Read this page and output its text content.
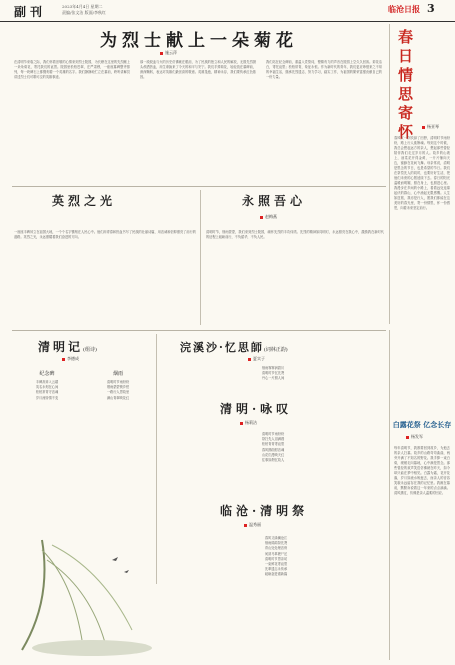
副刊	2023年4月4日 星期二
责编/张文洁 版面/李秋红	临沧日报 3
为烈士献上一朵菊花
施云萍
在清明节来临之际，我们怀着崇敬的心情来到烈士陵园，为长眠在这里的先烈献上一朵朵菊花，寄托我们的哀思。陵园里松柏苍翠，庄严肃穆，一座座墓碑整齐排列，每一块碑石上都镌刻着一个英雄的名字。我们静静地伫立在墓前，聆听讲解员讲述烈士们可歌可泣的英雄事迹。
那一段段血与火的历史仿佛就在眼前，为了民族的独立和人民的解放，无数先烈抛头颅洒热血，用生命换来了今天的和平与安宁。我们手捧菊花，轻轻放在墓碑前，深深鞠躬，表达对英雄们最崇高的敬意。英雄虽逝，精神永存，我们要传承红色基因。
我们站在纪念碑前，重温入党誓词，铿锵有力的声音在陵园上空久久回荡。菊花洁白，寄托哀思；松柏常青，象征永恒。作为新时代的青年，我们更应珍惜来之不易的幸福生活，继承先烈遗志，努力学习，踏实工作，为祖国的繁荣富强贡献自己的一份力量。
春日情思寄怀	杨亚琴
春风又一次吹绿了田野，清明时节雨纷纷，路上行人欲断魂。每到这个时候，我总会想起远方的亲人，想起那些曾经陪伴我们走过岁月的人。故乡的山坡上，油菜花开得金黄，一片片铺向天边，蜜蜂在花间飞舞。母亲常说，清明是思念的节日，也是希望的节日。我们在祭奠先人的同时，也要好好生活，把他们未竟的心愿延续下去。春日的阳光温暖而明媚，照在身上，也照进心里。我漫步在乡间的小路上，看着远处连绵起伏的群山，心中涌起无限感慨。人生如逆旅，我亦是行人，愿我们都能在这美好的春光里，寄一份情思，怀一份感恩，向着未来坚定前行。
英烈之光
一座座丰碑耸立在祖国大地，一个个名字镌刻在人民心中。他们用青春和热血书写了民族的壮丽诗篇，用忠诚和信仰照亮了前行的道路。英烈之光，永远照耀着我们奋进的方向。
永照吾心
赵梅燕
清明时节，细雨蒙蒙，我们来到烈士陵园，缅怀先烈的丰功伟绩。先烈的精神如同明灯，永远照亮在我心中，激励我在新时代的征程上砥砺前行，不负韶华，不负人民。
清明记(组诗)
李德成
纪念碑
丰碑高耸入云端
英名永刻在心间
松柏常青守忠魂
岁月流转情不变
烟雨
清明时节雨纷纷
烟雨蒙蒙锁乡愁
一路行人思故里
满山青翠映花红
浣溪沙·忆思師(词林正韵)
夏实子
细雨霏霏润碧川
清明时节忆先贤
丹心一片照人间
清明·咏叹
杨莉洁
清明时节雨纷纷
祭扫先人泪满襟
松柏青青寄哀思
春风拂面慰忠魂
山花烂漫映天红
往事如烟忆故人
临沧·清明祭
温秀丽
春风又绿澜沧江
细雨绵绵祭先贤
青山处处埋忠骨
何须马革裹尸还
清明时节思亲切
一束鲜花寄哀思
先辈遗志永传承
砥砺奋进谱新篇
白露花祭 亿念长存
杨发军
每年清明节，我都要回到故乡，为逝去的亲人扫墓。故乡的山路弯弯曲曲，两旁开满了不知名的野花。我手捧一束白菊，缓缓走向墓地，心中满是思念。那些曾经的欢声笑语仿佛就在昨天，如今却只能在梦中相见。白露为霜，花开花落，岁月如流水般逝去，而亲人的音容笑貌永远留存在我的记忆里。我跪在墓前，默默诉说着这一年来的点点滴滴。清风拂过，仿佛是亲人温柔的回应。
